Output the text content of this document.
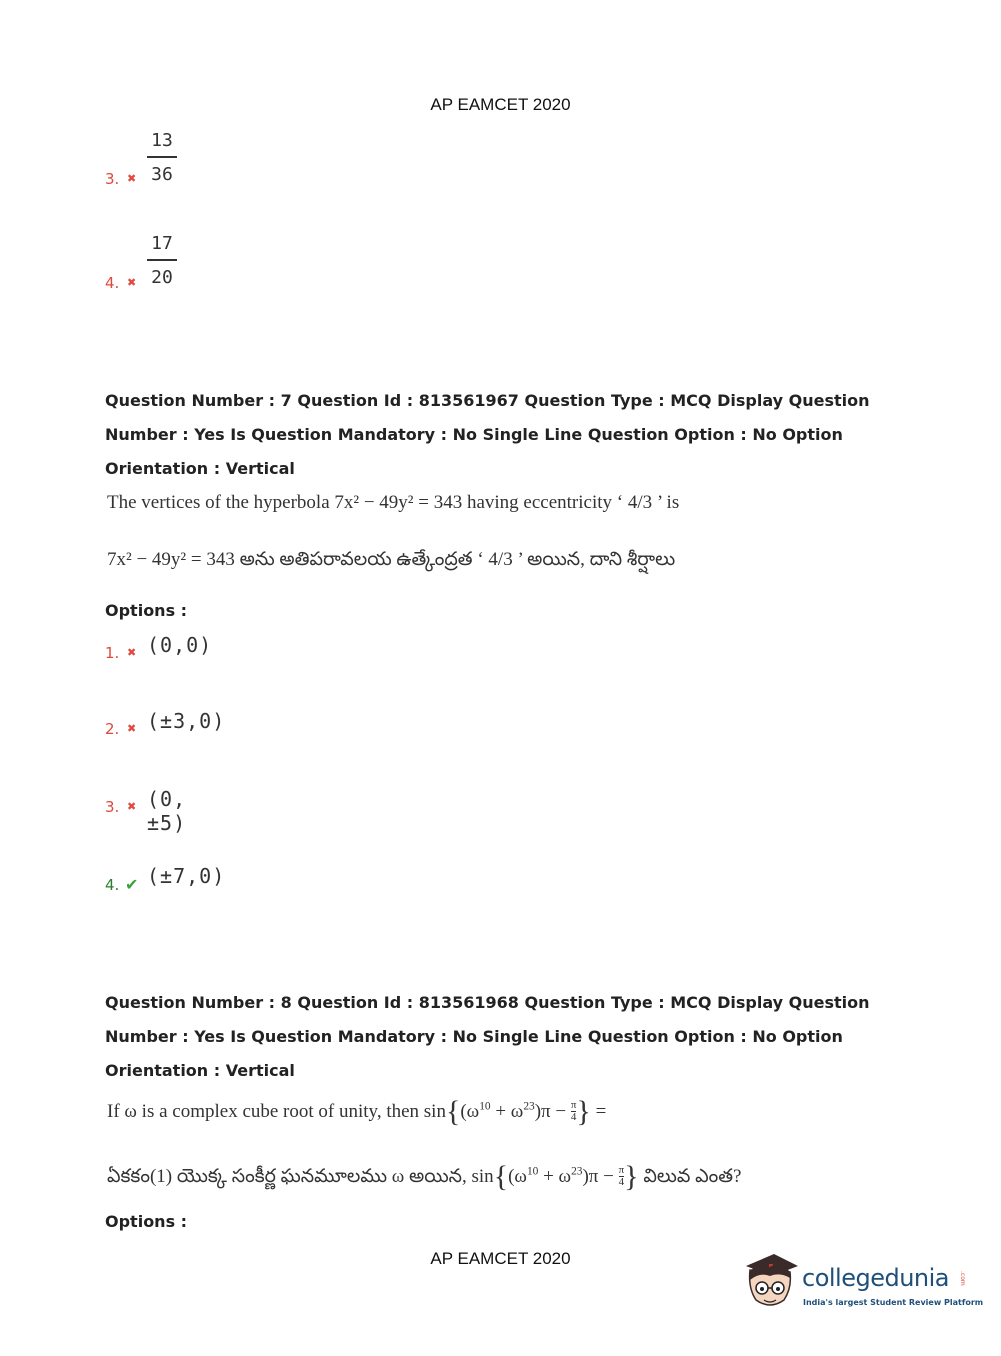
AP EAMCET 2020
3. ✖
13
36
4. ✖
17
20
Question Number : 7 Question Id : 813561967 Question Type : MCQ Display Question Number : Yes Is Question Mandatory : No Single Line Question Option : No Option Orientation : Vertical
The vertices of the hyperbola 7x² − 49y² = 343 having eccentricity ‘ 4/3 ’ is
7x² − 49y² = 343 అను అతిపరావలయ ఉత్కేంద్రత ‘ 4/3 ’ అయిన, దాని శీర్షాలు
Options :
1. ✖ (0,0)
2. ✖ (±3,0)
3. ✖ (0,±5)
4. ✔ (±7,0)
Question Number : 8 Question Id : 813561968 Question Type : MCQ Display Question Number : Yes Is Question Mandatory : No Single Line Question Option : No Option Orientation : Vertical
If ω is a complex cube root of unity, then $\sin\{(\omega^{10} + \omega^{23})\pi - \frac{\pi}{4}$ } =
ఏకకం(1) యొక్క సంకీర్ణ ఘనమూలము ω అయిన, $\sin\{(\omega^{10} + \omega^{23})\pi - \frac{\pi}{4}$ } విలువ ఎంత?
Options :
AP EAMCET 2020
collegedunia .com
India's largest Student Review Platform
